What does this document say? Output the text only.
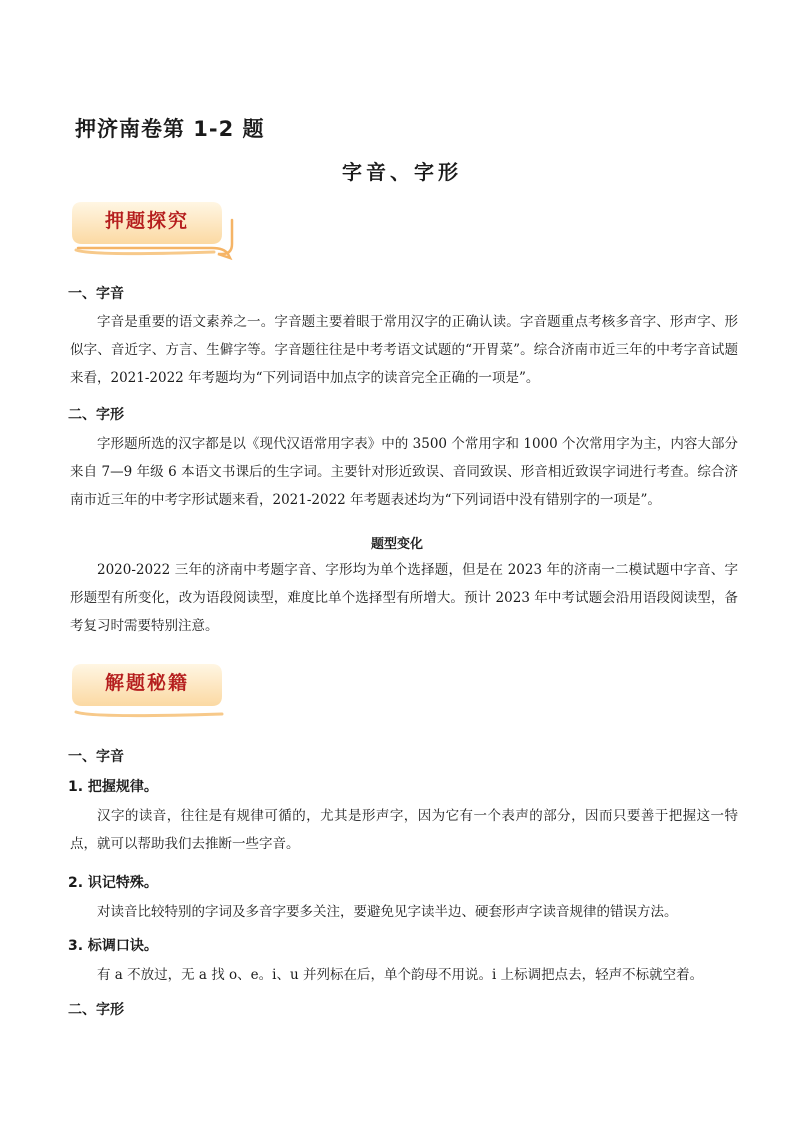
押济南卷第 1-2 题
字音、字形
押题探究
一、字音

字音是重要的语文素养之一。字音题主要着眼于常用汉字的正确认读。字音题重点考核多音字、形声字、形似字、音近字、方言、生僻字等。字音题往往是中考考语文试题的“开胃菜”。综合济南市近三年的中考字音试题来看，2021-2022 年考题均为“下列词语中加点字的读音完全正确的一项是”。

二、字形

字形题所选的汉字都是以《现代汉语常用字表》中的 3500 个常用字和 1000 个次常用字为主，内容大部分来自 7—9 年级 6 本语文书课后的生字词。主要针对形近致误、音同致误、形音相近致误字词进行考查。综合济南市近三年的中考字形试题来看，2021-2022 年考题表述均为“下列词语中没有错别字的一项是”。

题型变化

2020-2022 三年的济南中考题字音、字形均为单个选择题，但是在 2023 年的济南一二模试题中字音、字形题型有所变化，改为语段阅读型，难度比单个选择型有所增大。预计 2023 年中考试题会沿用语段阅读型，备考复习时需要特别注意。

解题秘籍
一、字音
1. 把握规律。

汉字的读音，往往是有规律可循的，尤其是形声字，因为它有一个表声的部分，因而只要善于把握这一特点，就可以帮助我们去推断一些字音。

2. 识记特殊。

对读音比较特别的字词及多音字要多关注，要避免见字读半边、硬套形声字读音规律的错误方法。

3. 标调口诀。

有 a 不放过，无 a 找 o、e。i、u 并列标在后，单个韵母不用说。i 上标调把点去，轻声不标就空着。

二、字形
